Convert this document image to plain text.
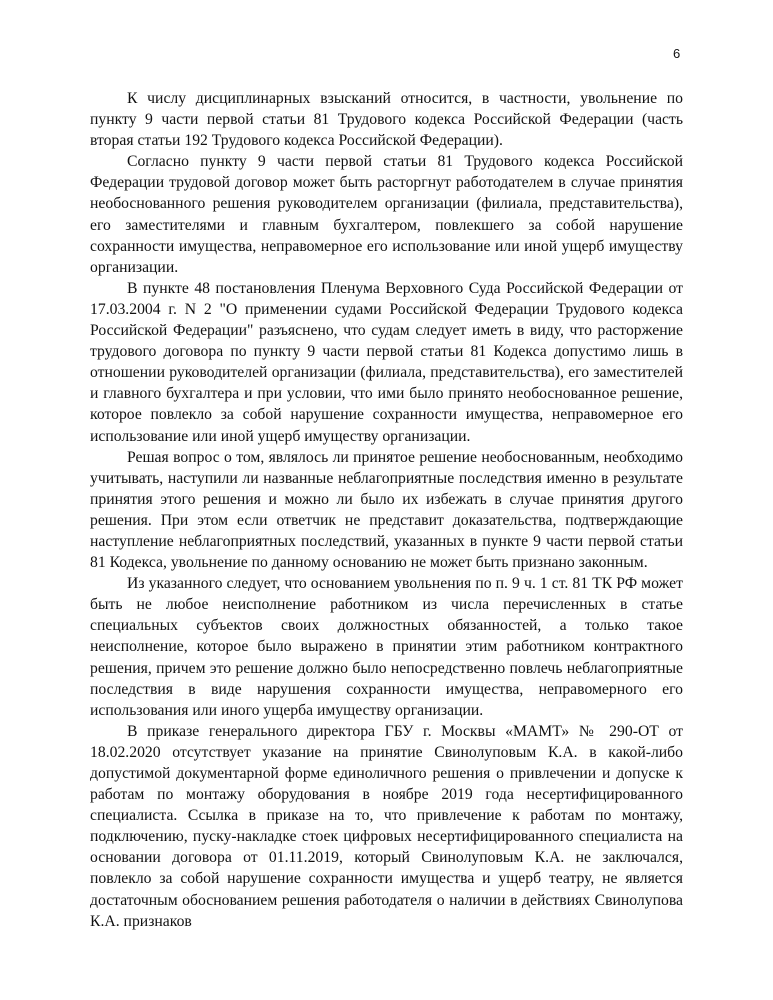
6

К числу дисциплинарных взысканий относится, в частности, увольнение по пункту 9 части первой статьи 81 Трудового кодекса Российской Федерации (часть вторая статьи 192 Трудового кодекса Российской Федерации).

Согласно пункту 9 части первой статьи 81 Трудового кодекса Российской Федерации трудовой договор может быть расторгнут работодателем в случае принятия необоснованного решения руководителем организации (филиала, представительства), его заместителями и главным бухгалтером, повлекшего за собой нарушение сохранности имущества, неправомерное его использование или иной ущерб имуществу организации.

В пункте 48 постановления Пленума Верховного Суда Российской Федерации от 17.03.2004 г. N 2 "О применении судами Российской Федерации Трудового кодекса Российской Федерации" разъяснено, что судам следует иметь в виду, что расторжение трудового договора по пункту 9 части первой статьи 81 Кодекса допустимо лишь в отношении руководителей организации (филиала, представительства), его заместителей и главного бухгалтера и при условии, что ими было принято необоснованное решение, которое повлекло за собой нарушение сохранности имущества, неправомерное его использование или иной ущерб имуществу организации.

Решая вопрос о том, являлось ли принятое решение необоснованным, необходимо учитывать, наступили ли названные неблагоприятные последствия именно в результате принятия этого решения и можно ли было их избежать в случае принятия другого решения. При этом если ответчик не представит доказательства, подтверждающие наступление неблагоприятных последствий, указанных в пункте 9 части первой статьи 81 Кодекса, увольнение по данному основанию не может быть признано законным.

Из указанного следует, что основанием увольнения по п. 9 ч. 1 ст. 81 ТК РФ может быть не любое неисполнение работником из числа перечисленных в статье специальных субъектов своих должностных обязанностей, а только такое неисполнение, которое было выражено в принятии этим работником контрактного решения, причем это решение должно было непосредственно повлечь неблагоприятные последствия в виде нарушения сохранности имущества, неправомерного его использования или иного ущерба имуществу организации.

В приказе генерального директора ГБУ г. Москвы «МАМТ» № 290-ОТ от 18.02.2020 отсутствует указание на принятие Свинолуповым К.А. в какой-либо допустимой документарной форме единоличного решения о привлечении и допуске к работам по монтажу оборудования в ноябре 2019 года несертифицированного специалиста. Ссылка в приказе на то, что привлечение к работам по монтажу, подключению, пуску-накладке стоек цифровых несертифицированного специалиста на основании договора от 01.11.2019, который Свинолуповым К.А. не заключался, повлекло за собой нарушение сохранности имущества и ущерб театру, не является достаточным обоснованием решения работодателя о наличии в действиях Свинолупова К.А. признаков
